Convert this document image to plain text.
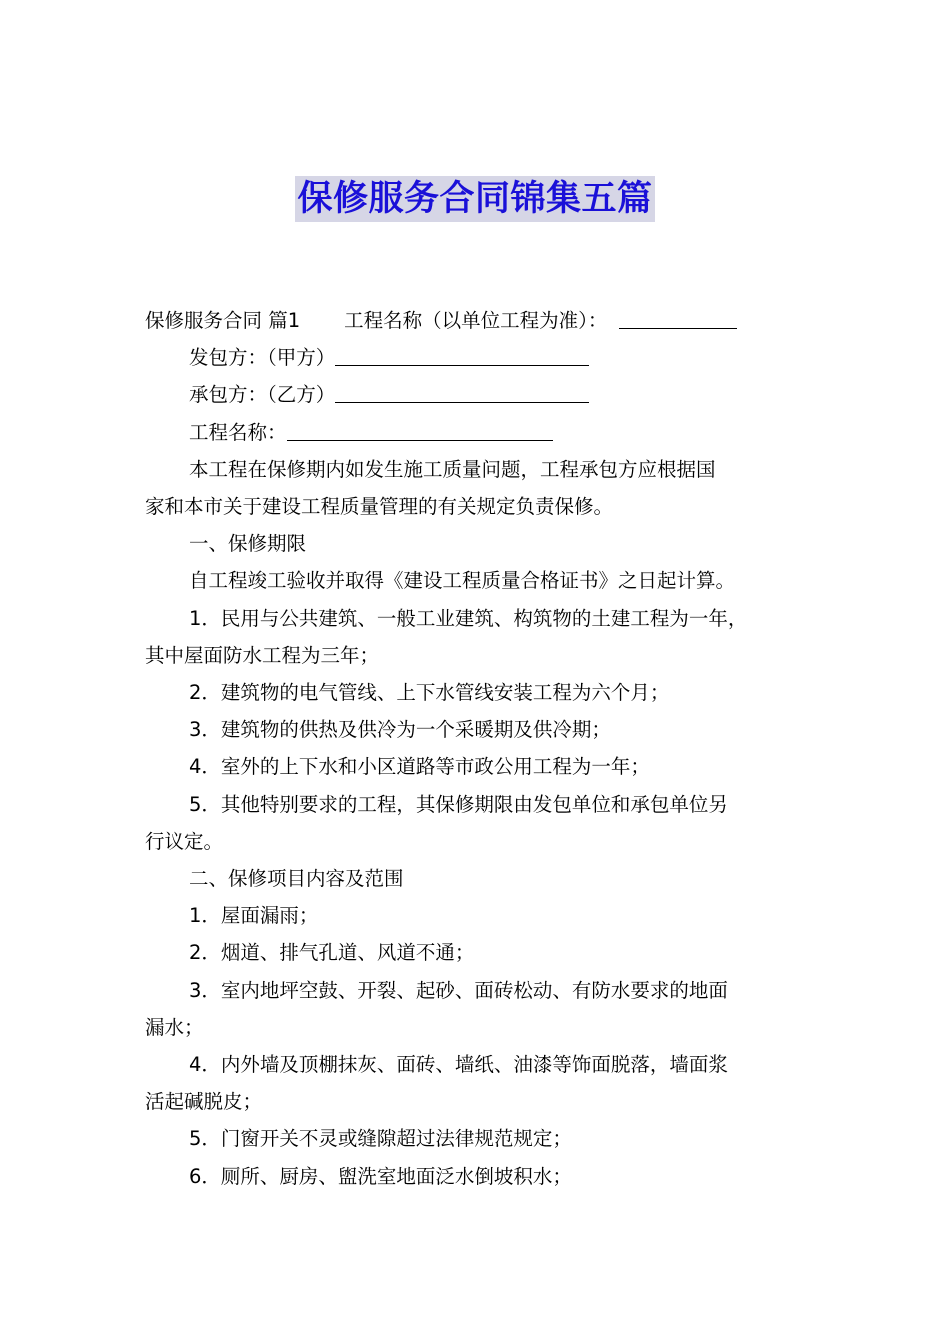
保修服务合同锦集五篇

保修服务合同 篇1 工程名称（以单位工程为准）：

发包方：（甲方）

承包方：（乙方）

工程名称：

本工程在保修期内如发生施工质量问题，工程承包方应根据国

家和本市关于建设工程质量管理的有关规定负责保修。

一、保修期限

自工程竣工验收并取得《建设工程质量合格证书》之日起计算。

1．民用与公共建筑、一般工业建筑、构筑物的土建工程为一年，

其中屋面防水工程为三年；

2．建筑物的电气管线、上下水管线安装工程为六个月；

3．建筑物的供热及供冷为一个采暖期及供冷期；

4．室外的上下水和小区道路等市政公用工程为一年；

5．其他特别要求的工程，其保修期限由发包单位和承包单位另

行议定。

二、保修项目内容及范围

1．屋面漏雨；

2．烟道、排气孔道、风道不通；

3．室内地坪空鼓、开裂、起砂、面砖松动、有防水要求的地面

漏水；

4．内外墙及顶棚抹灰、面砖、墙纸、油漆等饰面脱落，墙面浆

活起碱脱皮；

5．门窗开关不灵或缝隙超过法律规范规定；

6．厕所、厨房、盥洗室地面泛水倒坡积水；
